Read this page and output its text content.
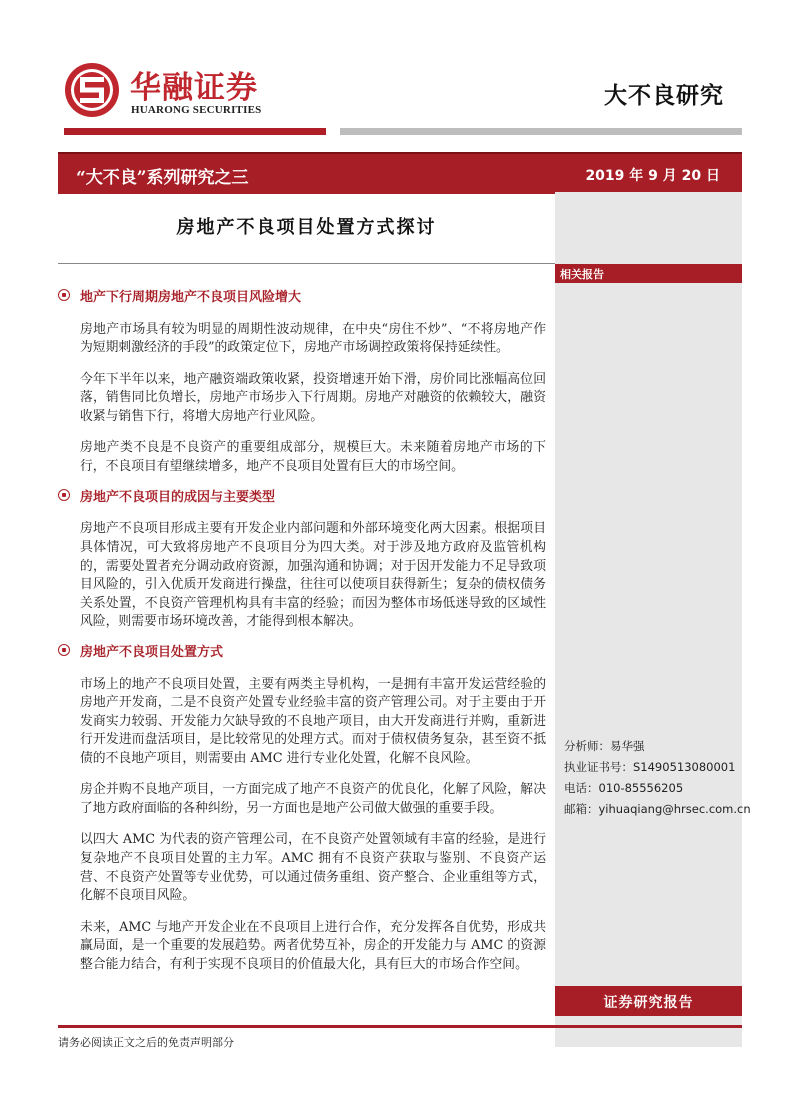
华融证券
HUARONG SECURITIES
大不良研究
“大不良”系列研究之三	2019 年 9 月 20 日
相关报告
分析师：易华强
执业证书号：S1490513080001
电话：010-85556205
邮箱：yihuaqiang@hrsec.com.cn
证券研究报告
房地产不良项目处置方式探讨
地产下行周期房地产不良项目风险增大

房地产市场具有较为明显的周期性波动规律，在中央“房住不炒”、“不将房地产作为短期刺激经济的手段”的政策定位下，房地产市场调控政策将保持延续性。

今年下半年以来，地产融资端政策收紧，投资增速开始下滑，房价同比涨幅高位回落，销售同比负增长，房地产市场步入下行周期。房地产对融资的依赖较大，融资收紧与销售下行，将增大房地产行业风险。

房地产类不良是不良资产的重要组成部分，规模巨大。未来随着房地产市场的下行，不良项目有望继续增多，地产不良项目处置有巨大的市场空间。

房地产不良项目的成因与主要类型

房地产不良项目形成主要有开发企业内部问题和外部环境变化两大因素。根据项目具体情况，可大致将房地产不良项目分为四大类。对于涉及地方政府及监管机构的，需要处置者充分调动政府资源，加强沟通和协调；对于因开发能力不足导致项目风险的，引入优质开发商进行操盘，往往可以使项目获得新生；复杂的债权债务关系处置，不良资产管理机构具有丰富的经验；而因为整体市场低迷导致的区域性风险，则需要市场环境改善，才能得到根本解决。

房地产不良项目处置方式

市场上的地产不良项目处置，主要有两类主导机构，一是拥有丰富开发运营经验的房地产开发商，二是不良资产处置专业经验丰富的资产管理公司。对于主要由于开发商实力较弱、开发能力欠缺导致的不良地产项目，由大开发商进行并购，重新进行开发进而盘活项目，是比较常见的处理方式。而对于债权债务复杂，甚至资不抵债的不良地产项目，则需要由 AMC 进行专业化处置，化解不良风险。

房企并购不良地产项目，一方面完成了地产不良资产的优良化，化解了风险，解决了地方政府面临的各种纠纷，另一方面也是地产公司做大做强的重要手段。

以四大 AMC 为代表的资产管理公司，在不良资产处置领域有丰富的经验，是进行复杂地产不良项目处置的主力军。AMC 拥有不良资产获取与鉴别、不良资产运营、不良资产处置等专业优势，可以通过债务重组、资产整合、企业重组等方式，化解不良项目风险。

未来，AMC 与地产开发企业在不良项目上进行合作，充分发挥各自优势，形成共赢局面，是一个重要的发展趋势。两者优势互补，房企的开发能力与 AMC 的资源整合能力结合，有利于实现不良项目的价值最大化，具有巨大的市场合作空间。

请务必阅读正文之后的免责声明部分
